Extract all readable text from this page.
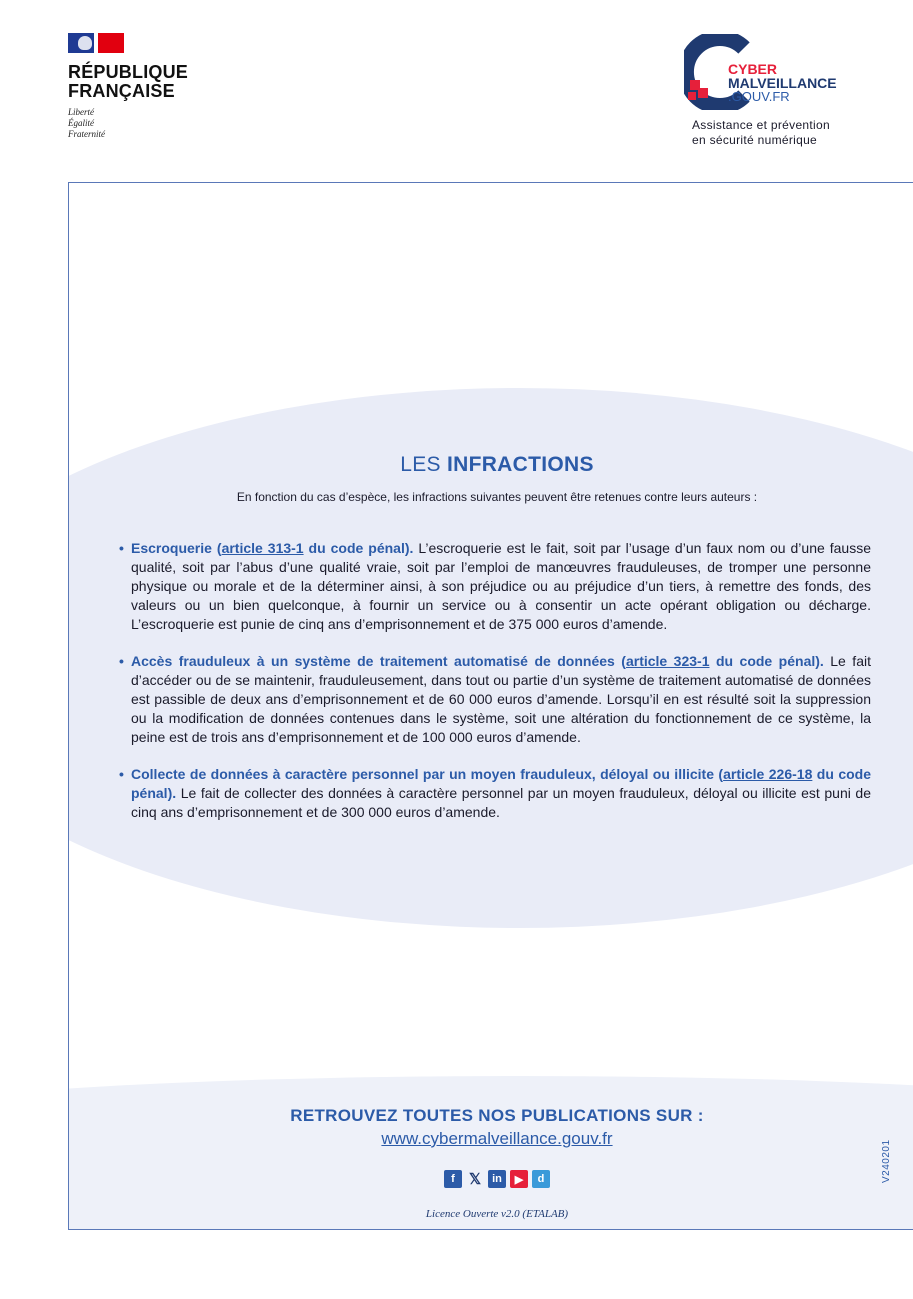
RÉPUBLIQUE
FRANÇAISE
Liberté
Égalité
Fraternité
CYBER
MALVEILLANCE
.GOUV.FR
Assistance et prévention
en sécurité numérique
LES INFRACTIONS
En fonction du cas d’espèce, les infractions suivantes peuvent être retenues contre leurs auteurs :
• Escroquerie (article 313-1 du code pénal). L’escroquerie est le fait, soit par l’usage d’un faux nom ou d’une fausse qualité, soit par l’abus d’une qualité vraie, soit par l’emploi de manœuvres frauduleuses, de tromper une personne physique ou morale et de la déterminer ainsi, à son préjudice ou au préjudice d’un tiers, à remettre des fonds, des valeurs ou un bien quelconque, à fournir un service ou à consentir un acte opérant obligation ou décharge. L’escroquerie est punie de cinq ans d’emprisonnement et de 375 000 euros d’amende.
• Accès frauduleux à un système de traitement automatisé de données (article 323-1 du code pénal). Le fait d’accéder ou de se maintenir, frauduleusement, dans tout ou partie d’un système de traitement automatisé de données est passible de deux ans d’emprisonnement et de 60 000 euros d’amende. Lorsqu’il en est résulté soit la suppression ou la modification de données contenues dans le système, soit une altération du fonctionnement de ce système, la peine est de trois ans d’emprisonnement et de 100 000 euros d’amende.
• Collecte de données à caractère personnel par un moyen frauduleux, déloyal ou illicite (article 226-18 du code pénal). Le fait de collecter des données à caractère personnel par un moyen frauduleux, déloyal ou illicite est puni de cinq ans d’emprisonnement et de 300 000 euros d’amende.
RETROUVEZ TOUTES NOS PUBLICATIONS SUR :
www.cybermalveillance.gouv.fr
f 𝕏	in	▶	d
Licence Ouverte v2.0 (ETALAB)
V240201
